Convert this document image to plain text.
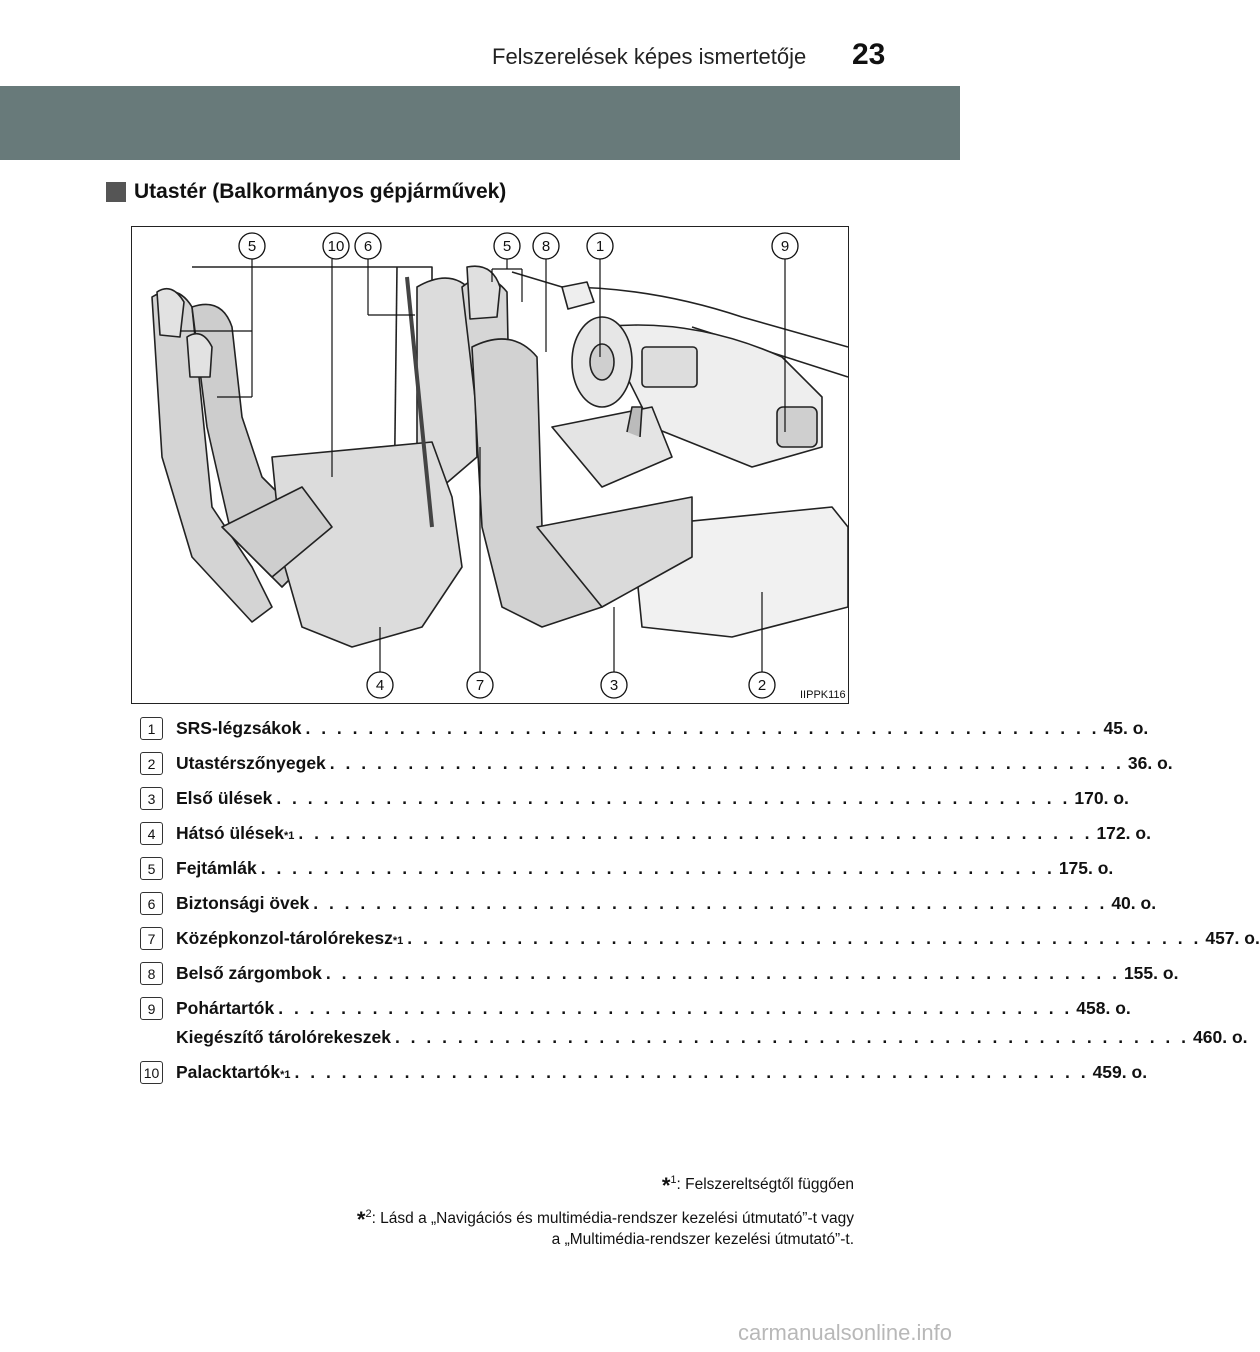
Felszerelések képes ismertetője 23
Utastér (Balkormányos gépjárművek)
5	10 6	5 8	1	9
4	7	3	2
IIPPK116
1	SRS-légzsákok . . . . . . . . . . . . . . . . . . . . . . . . . . . . . . . . . . . . . . . . . . . . . . . . . . . 45. o.
2	Utastérszőnyegek . . . . . . . . . . . . . . . . . . . . . . . . . . . . . . . . . . . . . . . . . . . . . . . . . . . 36. o.
3	Első ülések . . . . . . . . . . . . . . . . . . . . . . . . . . . . . . . . . . . . . . . . . . . . . . . . . . . 170. o.
4	Hátsó ülések *1 . . . . . . . . . . . . . . . . . . . . . . . . . . . . . . . . . . . . . . . . . . . . . . . . . . . 172. o.
5	Fejtámlák . . . . . . . . . . . . . . . . . . . . . . . . . . . . . . . . . . . . . . . . . . . . . . . . . . . 175. o.
6	Biztonsági övek . . . . . . . . . . . . . . . . . . . . . . . . . . . . . . . . . . . . . . . . . . . . . . . . . . . 40. o.
7	Középkonzol-tárolórekesz *1 . . . . . . . . . . . . . . . . . . . . . . . . . . . . . . . . . . . . . . . . . . . . . . . . . . . 457. o.
8	Belső zárgombok . . . . . . . . . . . . . . . . . . . . . . . . . . . . . . . . . . . . . . . . . . . . . . . . . . . 155. o.
9	Pohártartók . . . . . . . . . . . . . . . . . . . . . . . . . . . . . . . . . . . . . . . . . . . . . . . . . . . 458. o.
Kiegészítő tárolórekeszek . . . . . . . . . . . . . . . . . . . . . . . . . . . . . . . . . . . . . . . . . . . . . . . . . . . 460. o.
10 Palacktartók *1 . . . . . . . . . . . . . . . . . . . . . . . . . . . . . . . . . . . . . . . . . . . . . . . . . . . 459. o.
*$^1$: Felszereltségtől függően
*$^2$: Lásd a „Navigációs és multimédia-rendszer kezelési útmutató”-t vagy
a „Multimédia-rendszer kezelési útmutató”-t.
carmanualsonline.info
